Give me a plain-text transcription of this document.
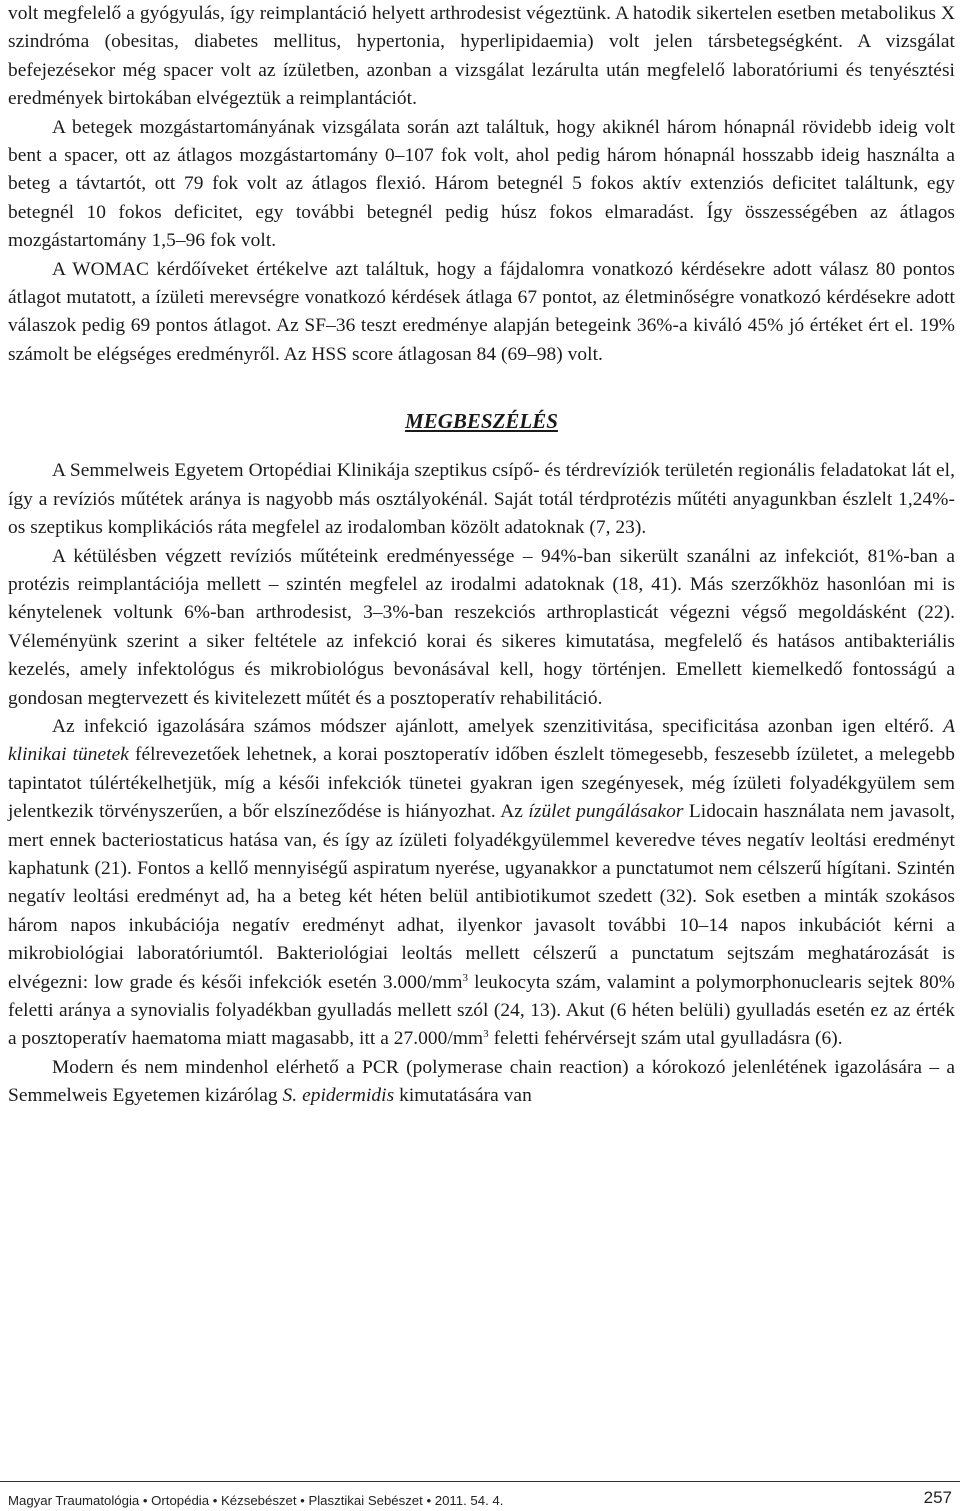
volt megfelelő a gyógyulás, így reimplantáció helyett arthrodesist végeztünk. A hatodik sikertelen esetben metabolikus X szindróma (obesitas, diabetes mellitus, hypertonia, hyperlipidaemia) volt jelen társbetegségként. A vizsgálat befejezésekor még spacer volt az ízületben, azonban a vizsgálat lezárulta után megfelelő laboratóriumi és tenyésztési eredmények birtokában elvégeztük a reimplantációt.

A betegek mozgástartományának vizsgálata során azt találtuk, hogy akiknél három hónapnál rövidebb ideig volt bent a spacer, ott az átlagos mozgástartomány 0–107 fok volt, ahol pedig három hónapnál hosszabb ideig használta a beteg a távtartót, ott 79 fok volt az átlagos flexió. Három betegnél 5 fokos aktív extenziós deficitet találtunk, egy betegnél 10 fokos deficitet, egy további betegnél pedig húsz fokos elmaradást. Így összességében az átlagos mozgástartomány 1,5–96 fok volt.

A WOMAC kérdőíveket értékelve azt találtuk, hogy a fájdalomra vonatkozó kérdésekre adott válasz 80 pontos átlagot mutatott, a ízületi merevségre vonatkozó kérdések átlaga 67 pontot, az életminőségre vonatkozó kérdésekre adott válaszok pedig 69 pontos átlagot. Az SF–36 teszt eredménye alapján betegeink 36%-a kiváló 45% jó értéket ért el. 19% számolt be elégséges eredményről. Az HSS score átlagosan 84 (69–98) volt.

MEGBESZÉLÉS

A Semmelweis Egyetem Ortopédiai Klinikája szeptikus csípő- és térdrevíziók területén regionális feladatokat lát el, így a revíziós műtétek aránya is nagyobb más osztályokénál. Saját totál térdprotézis műtéti anyagunkban észlelt 1,24%-os szeptikus komplikációs ráta megfelel az irodalomban közölt adatoknak (7, 23).

A kétülésben végzett revíziós műtéteink eredményessége – 94%-ban sikerült szanálni az infekciót, 81%-ban a protézis reimplantációja mellett – szintén megfelel az irodalmi adatoknak (18, 41). Más szerzőkhöz hasonlóan mi is kénytelenek voltunk 6%-ban arthrodesist, 3–3%-ban reszekciós arthroplasticát végezni végső megoldásként (22). Véleményünk szerint a siker feltétele az infekció korai és sikeres kimutatása, megfelelő és hatásos antibakteriális kezelés, amely infektológus és mikrobiológus bevonásával kell, hogy történjen. Emellett kiemelkedő fontosságú a gondosan megtervezett és kivitelezett műtét és a posztoperatív rehabilitáció.

Az infekció igazolására számos módszer ajánlott, amelyek szenzitivitása, specificitása azonban igen eltérő. A klinikai tünetek félrevezetőek lehetnek, a korai posztoperatív időben észlelt tömegesebb, feszesebb ízületet, a melegebb tapintatot túlértékelhetjük, míg a késői infekciók tünetei gyakran igen szegényesek, még ízületi folyadékgyülem sem jelentkezik törvényszerűen, a bőr elszíneződése is hiányozhat. Az ízület pungálásakor Lidocain használata nem javasolt, mert ennek bacteriostaticus hatása van, és így az ízületi folyadékgyülemmel keveredve téves negatív leoltási eredményt kaphatunk (21). Fontos a kellő mennyiségű aspiratum nyerése, ugyanakkor a punctatumot nem célszerű hígítani. Szintén negatív leoltási eredményt ad, ha a beteg két héten belül antibiotikumot szedett (32). Sok esetben a minták szokásos három napos inkubációja negatív eredményt adhat, ilyenkor javasolt további 10–14 napos inkubációt kérni a mikrobiológiai laboratóriumtól. Bakteriológiai leoltás mellett célszerű a punctatum sejtszám meghatározását is elvégezni: low grade és késői infekciók esetén $3.000/mm^3$ leukocyta szám, valamint a polymorphonuclearis sejtek 80% feletti aránya a synovialis folyadékban gyulladás mellett szól (24, 13). Akut (6 héten belüli) gyulladás esetén ez az érték a posztoperatív haematoma miatt magasabb, itt a $27.000/mm^3$ feletti fehérvérsejt szám utal gyulladásra (6).

Modern és nem mindenhol elérhető a PCR (polymerase chain reaction) a kórokozó jelenlétének igazolására – a Semmelweis Egyetemen kizárólag S. epidermidis kimutatására van

Magyar Traumatológia • Ortopédia • Kézsebészet • Plasztikai Sebészet • 2011. 54. 4.	257
